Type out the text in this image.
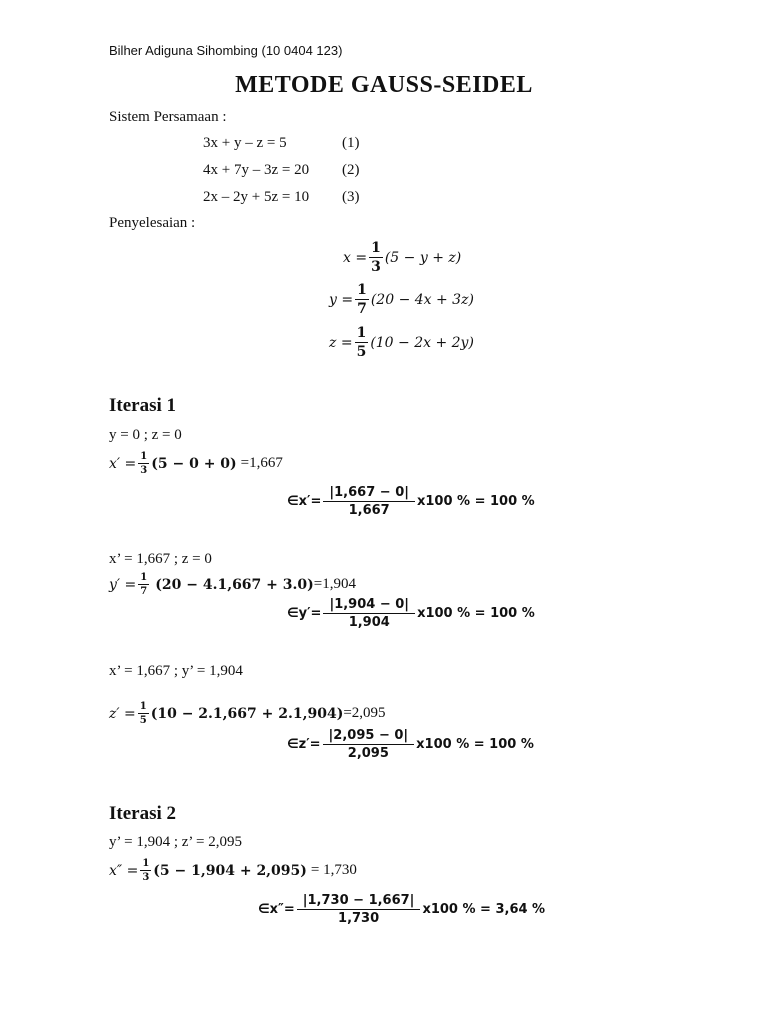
Bilher Adiguna Sihombing (10 0404 123)
METODE GAUSS-SEIDEL
Sistem Persamaan :
3x + y – z = 5	(1)
4x + 7y – 3z = 20 (2)
2x – 2y + 5z = 10 (3)
Penyelesaian :
$x = \frac{1}{3} (5 - y + z)$
$y = \frac{1}{7} (20 - 4x + 3z)$
$z = \frac{1}{5} (10 - 2x + 2y)$
Iterasi 1
y = 0 ; z = 0
$x' = \frac{1}{3} (5 - 0 + 0) =1,667$
∈x′= $\frac{|1,667 - 0|}{1,667} x100$ % = 100 %
x’ = 1,667 ; z = 0
$y' = \frac{1}{7} (20 - 4.1,667 + 3.0) =1,904$
∈y′= $\frac{|1,904 - 0|}{1,904} x100$ % = 100 %
x’ = 1,667 ; y’ = 1,904
$z' = \frac{1}{5} (10 - 2.1,667 + 2.1,904) =2,095$
∈z′= $\frac{|2,095 - 0|}{2,095} x100$ % = 100 %
Iterasi 2
y’ = 1,904 ; z’ = 2,095
$x'' = \frac{1}{3} (5 - 1,904 + 2,095) = 1,730$
∈x″= $\frac{|1,730 - 1,667|}{1,730} x100$ % = 3,64 %
